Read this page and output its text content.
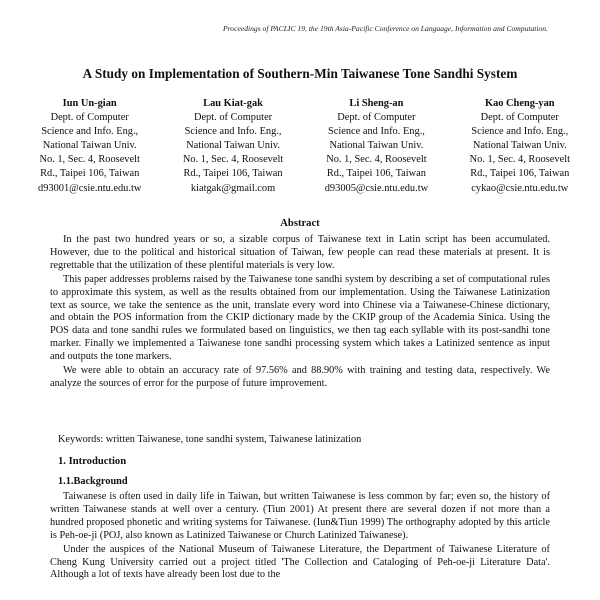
Proceedings of PACLIC 19, the 19th Asia-Pacific Conference on Language, Information and Computation.
A Study on Implementation of Southern-Min Taiwanese Tone Sandhi System
Iun Un-gian
Dept. of Computer
Science and Info. Eng.,
National Taiwan Univ.
No. 1, Sec. 4, Roosevelt
Rd., Taipei 106, Taiwan
d93001@csie.ntu.edu.tw
Lau Kiat-gak
Dept. of Computer
Science and Info. Eng.,
National Taiwan Univ.
No. 1, Sec. 4, Roosevelt
Rd., Taipei 106, Taiwan
kiatgak@gmail.com
Li Sheng-an
Dept. of Computer
Science and Info. Eng.,
National Taiwan Univ.
No. 1, Sec. 4, Roosevelt
Rd., Taipei 106, Taiwan
d93005@csie.ntu.edu.tw
Kao Cheng-yan
Dept. of Computer
Science and Info. Eng.,
National Taiwan Univ.
No. 1, Sec. 4, Roosevelt
Rd., Taipei 106, Taiwan
cykao@csie.ntu.edu.tw
Abstract

In the past two hundred years or so, a sizable corpus of Taiwanese text in Latin script has been accumulated. However, due to the political and historical situation of Taiwan, few people can read these materials at present. It is regrettable that the utilization of these plentiful materials is very low.

This paper addresses problems raised by the Taiwanese tone sandhi system by describing a set of computational rules to approximate this system, as well as the results obtained from our implementation. Using the Taiwanese Latinization text as source, we take the sentence as the unit, translate every word into Chinese via a Taiwanese-Chinese dictionary, and obtain the POS information from the CKIP dictionary made by the CKIP group of the Academia Sinica. Using the POS data and tone sandhi rules we formulated based on linguistics, we then tag each syllable with its post-sandhi tone marker. Finally we implemented a Taiwanese tone sandhi processing system which takes a Latinized sentence as input and outputs the tone markers.

We were able to obtain an accuracy rate of 97.56% and 88.90% with training and testing data, respectively. We analyze the sources of error for the purpose of future improvement.

Keywords: written Taiwanese, tone sandhi system, Taiwanese latinization
1. Introduction
1.1.Background

Taiwanese is often used in daily life in Taiwan, but written Taiwanese is less common by far; even so, the history of written Taiwanese stands at well over a century. (Tiun 2001) At present there are several dozen if not more than a hundred proposed phonetic and writing systems for Taiwanese. (Iun&Tiun 1999) The orthography adopted by this article is Peh-oe-ji (POJ, also known as Latinized Taiwanese or Church Latinized Taiwanese).

Under the auspices of the National Museum of Taiwanese Literature, the Department of Taiwanese Literature of Cheng Kung University carried out a project titled 'The Collection and Cataloging of Peh-oe-ji Literature Data'. Although a lot of texts have already been lost due to the
